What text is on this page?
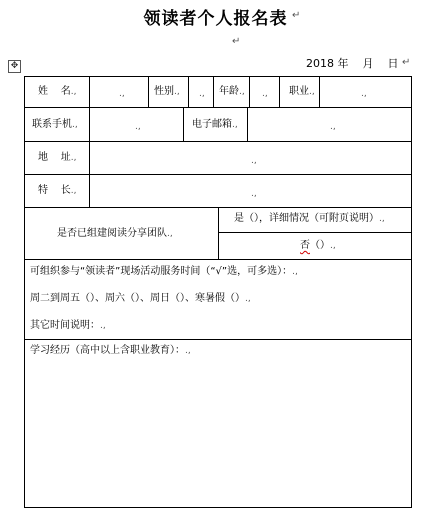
领读者个人报名表 ↵
↵
2018 年 月 日 ↵
✥
姓    名.,	.,	性别., ., 年龄., ., 职业.,	.,
联系手机.,	.,	电子邮箱.,	.,
地    址.,	.,
特    长.,	.,
是否已组建阅读分享团队.,
是（），详细情况（可附页说明）.,
否（）.,
可组织参与“领读者”现场活动服务时间（“√”选，可多选）：.,
周二到周五（）、周六（）、周日（）、寒暑假（）.,
其它时间说明：.,
学习经历（高中以上含职业教育）：.,
